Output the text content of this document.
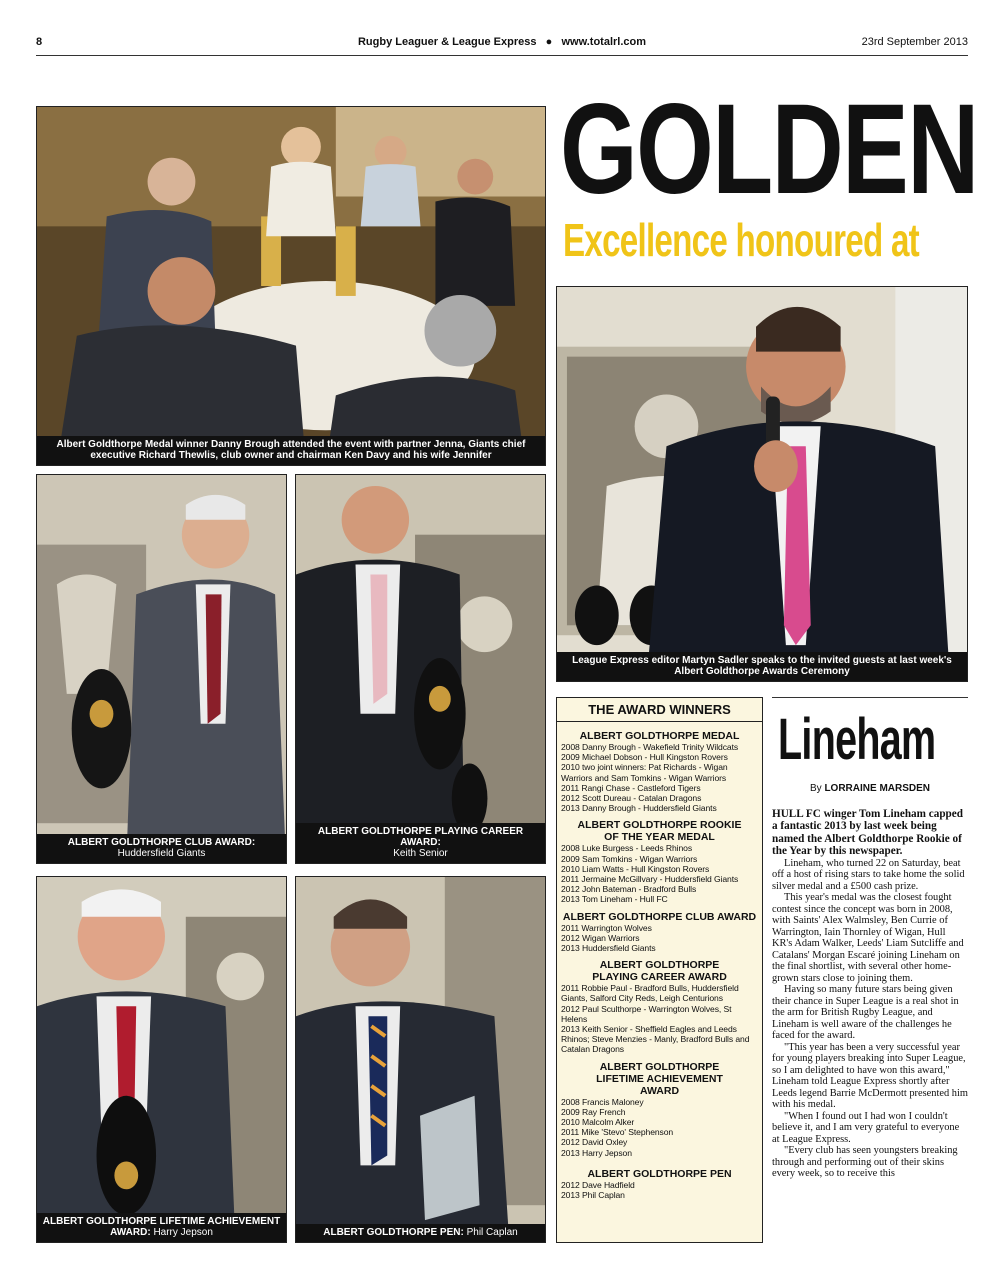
8	Rugby Leaguer & League Express ● www.totalrl.com	23rd September 2013
GOLDEN
Excellence honoured at
Albert Goldthorpe Medal winner Danny Brough attended the event with partner Jenna, Giants chief executive Richard Thewlis, club owner and chairman Ken Davy and his wife Jennifer
League Express editor Martyn Sadler speaks to the invited guests at last week's Albert Goldthorpe Awards Ceremony
ALBERT GOLDTHORPE CLUB AWARD:
Huddersfield Giants
ALBERT GOLDTHORPE PLAYING CAREER AWARD:
Keith Senior
ALBERT GOLDTHORPE LIFETIME ACHIEVEMENT AWARD: Harry Jepson	ALBERT GOLDTHORPE PEN: Phil Caplan
THE AWARD WINNERS
ALBERT GOLDTHORPE MEDAL

2008 Danny Brough - Wakefield Trinity Wildcats
2009 Michael Dobson - Hull Kingston Rovers
2010 two joint winners: Pat Richards - Wigan Warriors and Sam Tomkins - Wigan Warriors
2011 Rangi Chase - Castleford Tigers
2012 Scott Dureau - Catalan Dragons
2013 Danny Brough - Huddersfield Giants

ALBERT GOLDTHORPE ROOKIE OF THE YEAR MEDAL

2008 Luke Burgess - Leeds Rhinos
2009 Sam Tomkins - Wigan Warriors
2010 Liam Watts - Hull Kingston Rovers
2011 Jermaine McGillvary - Huddersfield Giants
2012 John Bateman - Bradford Bulls
2013 Tom Lineham - Hull FC

ALBERT GOLDTHORPE CLUB AWARD

2011 Warrington Wolves
2012 Wigan Warriors
2013 Huddersfield Giants

ALBERT GOLDTHORPE PLAYING CAREER AWARD

2011 Robbie Paul - Bradford Bulls, Huddersfield Giants, Salford City Reds, Leigh Centurions
2012 Paul Sculthorpe - Warrington Wolves, St Helens
2013 Keith Senior - Sheffield Eagles and Leeds Rhinos; Steve Menzies - Manly, Bradford Bulls and Catalan Dragons

ALBERT GOLDTHORPE LIFETIME ACHIEVEMENT AWARD

2008 Francis Maloney
2009 Ray French
2010 Malcolm Alker
2011 Mike 'Stevo' Stephenson
2012 David Oxley
2013 Harry Jepson

ALBERT GOLDTHORPE PEN

2012 Dave Hadfield
2013 Phil Caplan

Lineham
By LORRAINE MARSDEN

HULL FC winger Tom Lineham capped a fantastic 2013 by last week being named the Albert Goldthorpe Rookie of the Year by this newspaper.

Lineham, who turned 22 on Saturday, beat off a host of rising stars to take home the solid silver medal and a £500 cash prize.

This year's medal was the closest fought contest since the concept was born in 2008, with Saints' Alex Walmsley, Ben Currie of Warrington, Iain Thornley of Wigan, Hull KR's Adam Walker, Leeds' Liam Sutcliffe and Catalans' Morgan Escaré joining Lineham on the final shortlist, with several other home-grown stars close to joining them.

Having so many future stars being given their chance in Super League is a real shot in the arm for British Rugby League, and Lineham is well aware of the challenges he faced for the award.

"This year has been a very successful year for young players breaking into Super League, so I am delighted to have won this award," Lineham told League Express shortly after Leeds legend Barrie McDermott presented him with his medal.

"When I found out I had won I couldn't believe it, and I am very grateful to everyone at League Express.

"Every club has seen youngsters breaking through and performing out of their skins every week, so to receive this
